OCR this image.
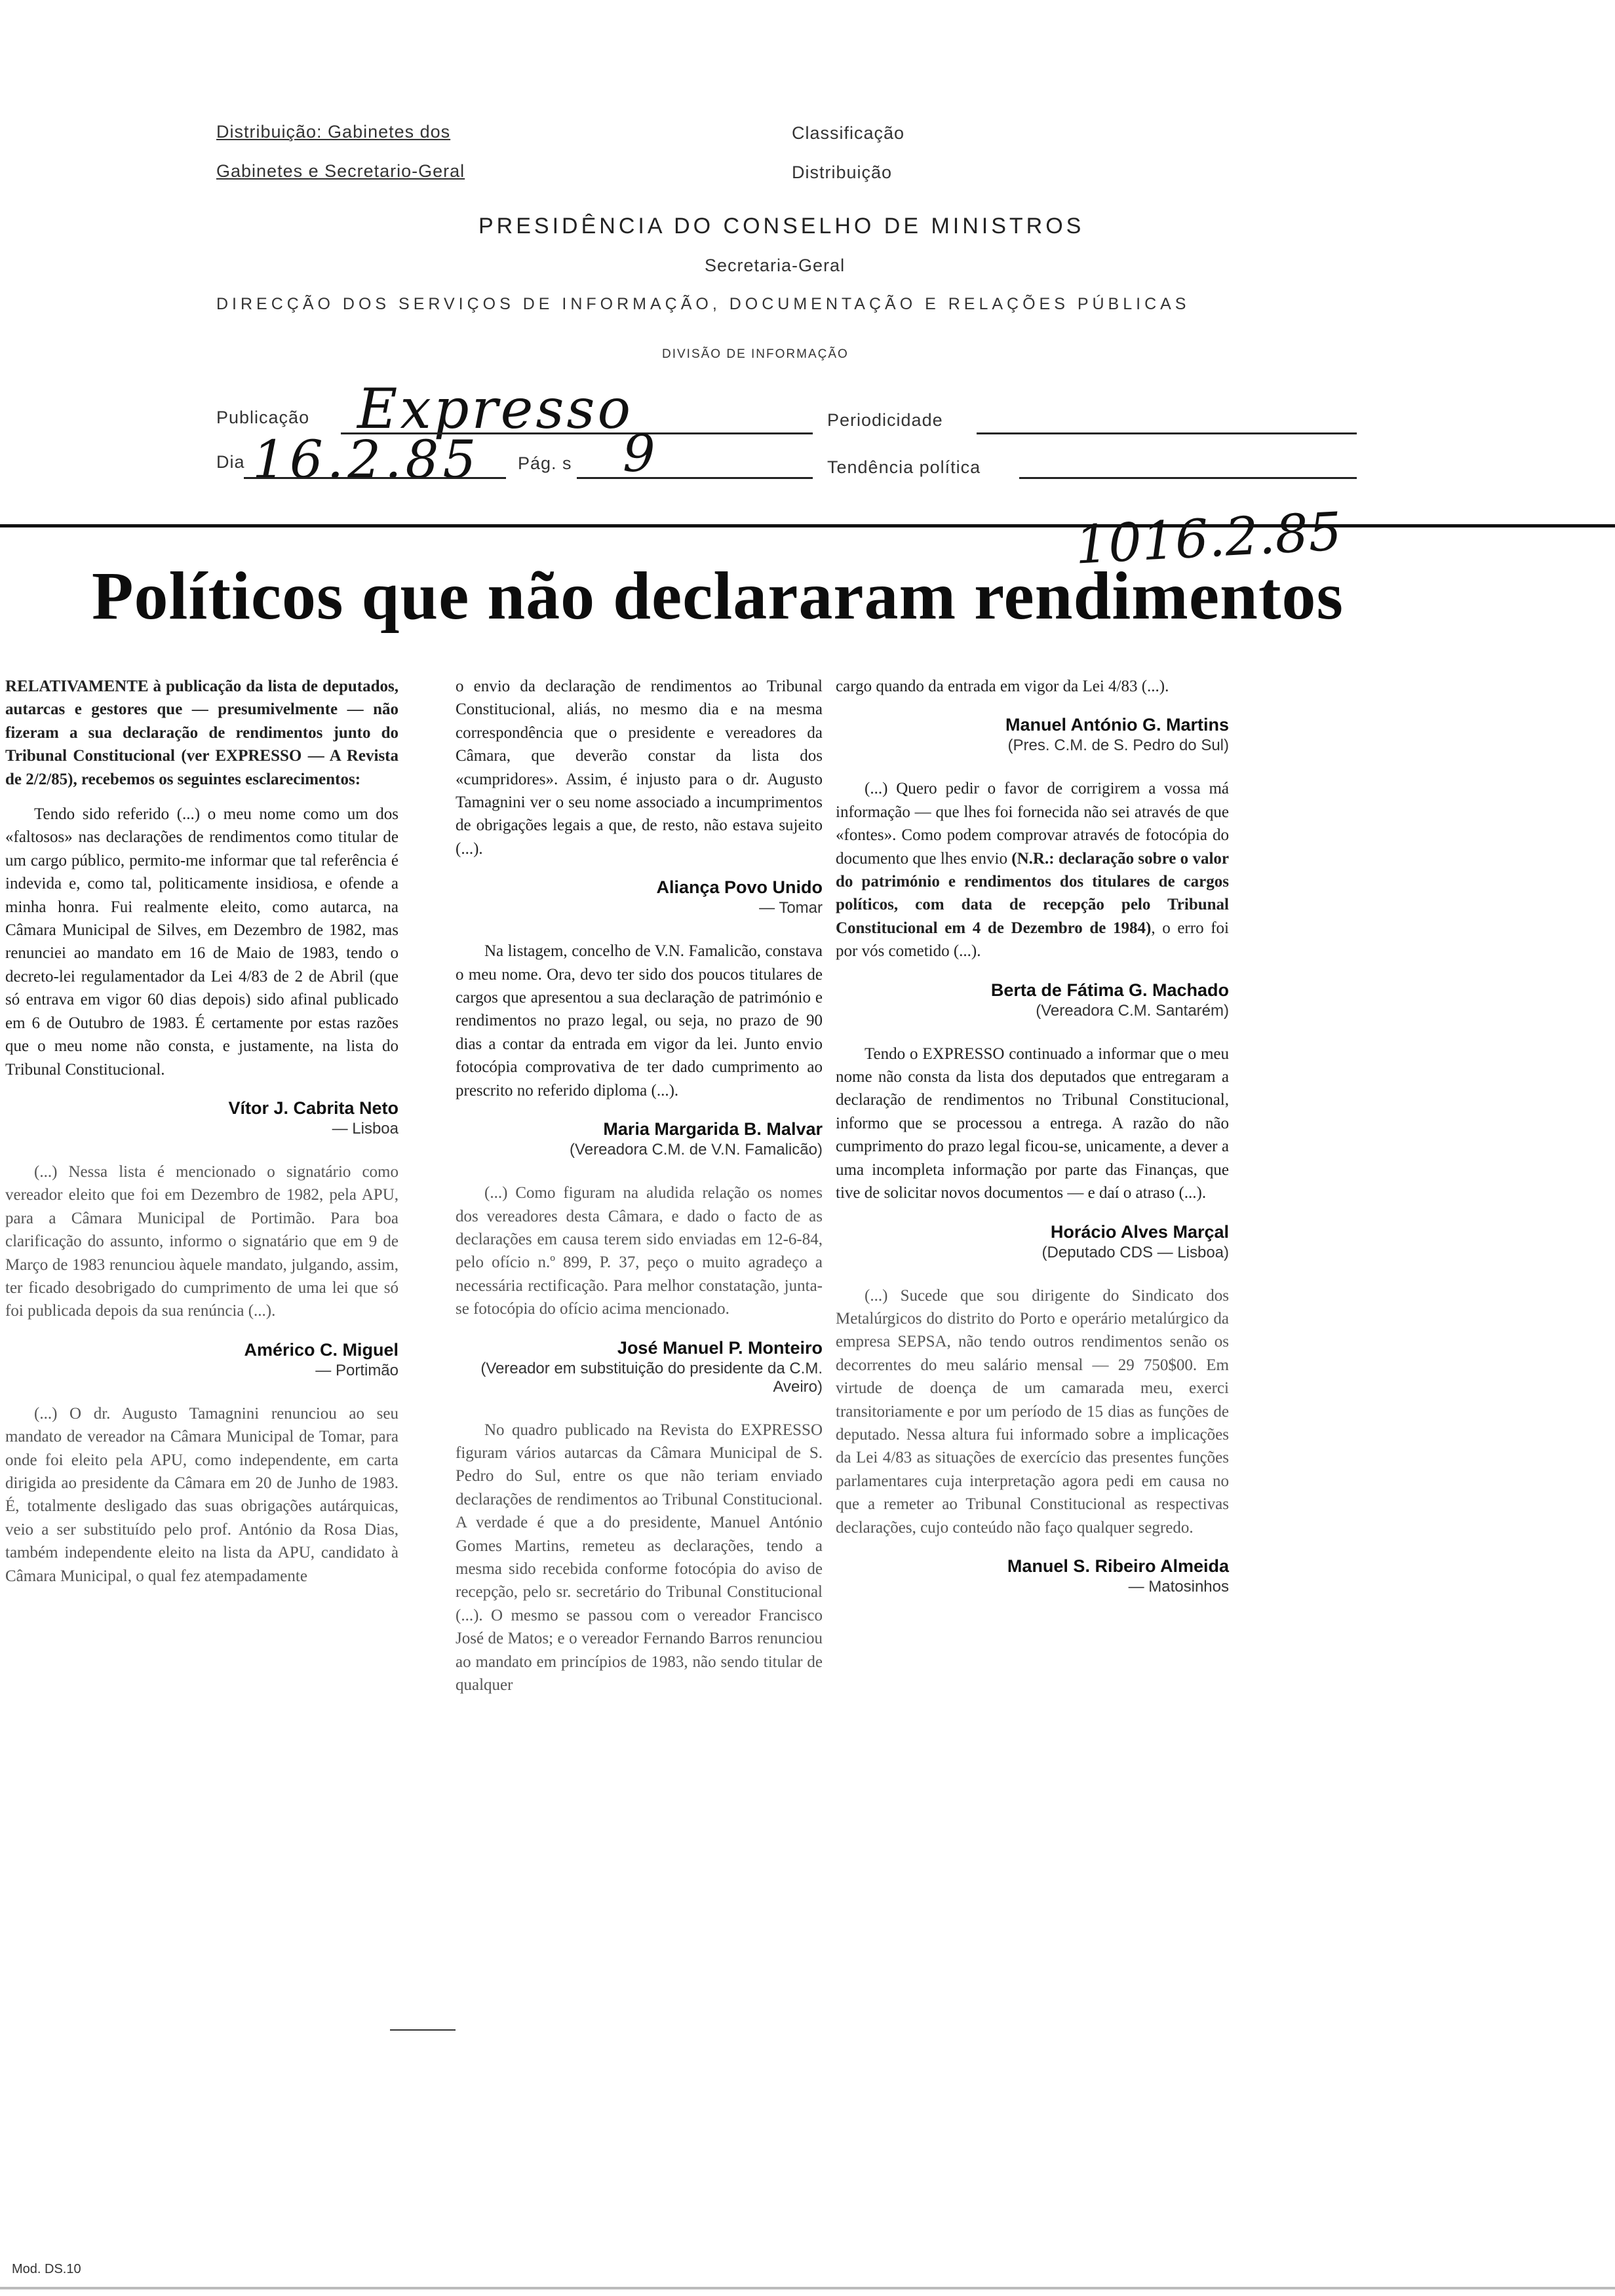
Distribuição: Gabinetes dos
Gabinetes e Secretario-Geral
Classificação
Distribuição
PRESIDÊNCIA DO CONSELHO DE MINISTROS
Secretaria-Geral
DIRECÇÃO DOS SERVIÇOS DE INFORMAÇÃO, DOCUMENTAÇÃO E RELAÇÕES PÚBLICAS
DIVISÃO DE INFORMAÇÃO
Publicação Expresso	Periodicidade
Dia 16.2.85 Pág. s 9	Tendência política
1016.2.85
Políticos que não declararam rendimentos

RELATIVAMENTE à publicação da lista de deputados, autarcas e gestores que — presumivelmente — não fizeram a sua declaração de rendimentos junto do Tribunal Constitucional (ver EXPRESSO — A Revista de 2/2/85), recebemos os seguintes esclarecimentos:

Tendo sido referido (...) o meu nome como um dos «faltosos» nas declarações de rendimentos como titular de um cargo público, permito-me informar que tal referência é indevida e, como tal, politicamente insidiosa, e ofende a minha honra. Fui realmente eleito, como autarca, na Câmara Municipal de Silves, em Dezembro de 1982, mas renunciei ao mandato em 16 de Maio de 1983, tendo o decreto-lei regulamentador da Lei 4/83 de 2 de Abril (que só entrava em vigor 60 dias depois) sido afinal publicado em 6 de Outubro de 1983. É certamente por estas razões que o meu nome não consta, e justamente, na lista do Tribunal Constitucional.

Vítor J. Cabrita Neto
— Lisboa

(...) Nessa lista é mencionado o signatário como vereador eleito que foi em Dezembro de 1982, pela APU, para a Câmara Municipal de Portimão. Para boa clarificação do assunto, informo o signatário que em 9 de Março de 1983 renunciou àquele mandato, julgando, assim, ter ficado desobrigado do cumprimento de uma lei que só foi publicada depois da sua renúncia (...).

Américo C. Miguel
— Portimão

(...) O dr. Augusto Tamagnini renunciou ao seu mandato de vereador na Câmara Municipal de Tomar, para onde foi eleito pela APU, como independente, em carta dirigida ao presidente da Câmara em 20 de Junho de 1983. É, totalmente desligado das suas obrigações autárquicas, veio a ser substituído pelo prof. António da Rosa Dias, também independente eleito na lista da APU, candidato à Câmara Municipal, o qual fez atempadamente

o envio da declaração de rendimentos ao Tribunal Constitucional, aliás, no mesmo dia e na mesma correspondência que o presidente e vereadores da Câmara, que deverão constar da lista dos «cumpridores». Assim, é injusto para o dr. Augusto Tamagnini ver o seu nome associado a incumprimentos de obrigações legais a que, de resto, não estava sujeito (...).

Aliança Povo Unido
— Tomar

Na listagem, concelho de V.N. Famalicão, constava o meu nome. Ora, devo ter sido dos poucos titulares de cargos que apresentou a sua declaração de património e rendimentos no prazo legal, ou seja, no prazo de 90 dias a contar da entrada em vigor da lei. Junto envio fotocópia comprovativa de ter dado cumprimento ao prescrito no referido diploma (...).

Maria Margarida B. Malvar
(Vereadora C.M. de V.N. Famalicão)

(...) Como figuram na aludida relação os nomes dos vereadores desta Câmara, e dado o facto de as declarações em causa terem sido enviadas em 12-6-84, pelo ofício n.º 899, P. 37, peço o muito agradeço a necessária rectificação. Para melhor constatação, junta-se fotocópia do ofício acima mencionado.

José Manuel P. Monteiro
(Vereador em substituição do presidente da C.M. Aveiro)

No quadro publicado na Revista do EXPRESSO figuram vários autarcas da Câmara Municipal de S. Pedro do Sul, entre os que não teriam enviado declarações de rendimentos ao Tribunal Constitucional. A verdade é que a do presidente, Manuel António Gomes Martins, remeteu as declarações, tendo a mesma sido recebida conforme fotocópia do aviso de recepção, pelo sr. secretário do Tribunal Constitucional (...). O mesmo se passou com o vereador Francisco José de Matos; e o vereador Fernando Barros renunciou ao mandato em princípios de 1983, não sendo titular de qualquer

cargo quando da entrada em vigor da Lei 4/83 (...).

Manuel António G. Martins
(Pres. C.M. de S. Pedro do Sul)

(...) Quero pedir o favor de corrigirem a vossa má informação — que lhes foi fornecida não sei através de que «fontes». Como podem comprovar através de fotocópia do documento que lhes envio (N.R.: declaração sobre o valor do património e rendimentos dos titulares de cargos políticos, com data de recepção pelo Tribunal Constitucional em 4 de Dezembro de 1984), o erro foi por vós cometido (...).

Berta de Fátima G. Machado
(Vereadora C.M. Santarém)

Tendo o EXPRESSO continuado a informar que o meu nome não consta da lista dos deputados que entregaram a declaração de rendimentos no Tribunal Constitucional, informo que se processou a entrega. A razão do não cumprimento do prazo legal ficou-se, unicamente, a dever a uma incompleta informação por parte das Finanças, que tive de solicitar novos documentos — e daí o atraso (...).

Horácio Alves Marçal
(Deputado CDS — Lisboa)

(...) Sucede que sou dirigente do Sindicato dos Metalúrgicos do distrito do Porto e operário metalúrgico da empresa SEPSA, não tendo outros rendimentos senão os decorrentes do meu salário mensal — 29 750$00. Em virtude de doença de um camarada meu, exerci transitoriamente e por um período de 15 dias as funções de deputado. Nessa altura fui informado sobre a implicações da Lei 4/83 as situações de exercício das presentes funções parlamentares cuja interpretação agora pedi em causa no que a remeter ao Tribunal Constitucional as respectivas declarações, cujo conteúdo não faço qualquer segredo.

Manuel S. Ribeiro Almeida
— Matosinhos
Mod. DS.10
